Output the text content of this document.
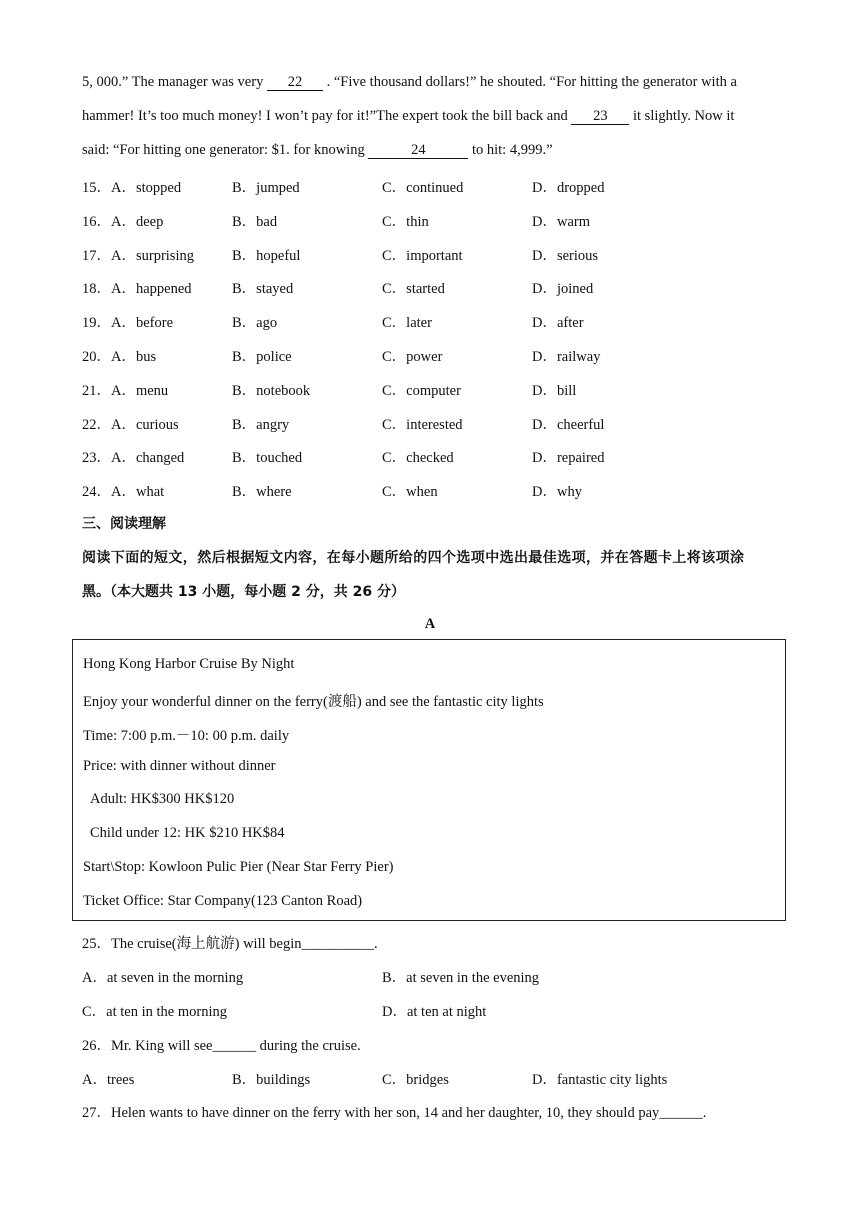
5, 000.” The manager was very 22 . “Five thousand dollars!” he shouted. “For hitting the generator with a
hammer! It’s too much money! I won’t pay for it!”The expert took the bill back and 23 it slightly. Now it
said: “For hitting one generator: $1. for knowing	24	to hit: 4,999.”
15．A．stopped	B．jumped	C．continued	D．dropped
16．A．deep	B．bad	C．thin	D．warm
17．A．surprising	B．hopeful	C．important	D．serious
18．A．happened	B．stayed	C．started	D．joined
19．A．before	B．ago	C．later	D．after
20．A．bus	B．police	C．power	D．railway
21．A．menu	B．notebook	C．computer	D．bill
22．A．curious	B．angry	C．interested	D．cheerful
23．A．changed	B．touched	C．checked	D．repaired
24．A．what	B．where	C．when	D．why
三、阅读理解
阅读下面的短文，然后根据短文内容，在每小题所给的四个选项中选出最佳选项，并在答题卡上将该项涂
黑。（本大题共 13 小题，每小题 2 分，共 26 分）
A
Hong Kong Harbor Cruise By Night
Enjoy your wonderful dinner on the ferry(渡船) and see the fantastic city lights
Time: 7:00 p.m.－10: 00 p.m. daily
Price: with dinner without dinner
Adult: HK$300 HK$120
Child under 12: HK $210 HK$84
Start\Stop: Kowloon Pulic Pier (Near Star Ferry Pier)
Ticket Office: Star Company(123 Canton Road)
25．The cruise(海上航游) will begin__________.
A．at seven in the morning	B．at seven in the evening
C．at ten in the morning	D．at ten at night
26．Mr. King will see______ during the cruise.
A．trees	B．buildings	C．bridges	D．fantastic city lights
27．Helen wants to have dinner on the ferry with her son, 14 and her daughter, 10, they should pay______.
